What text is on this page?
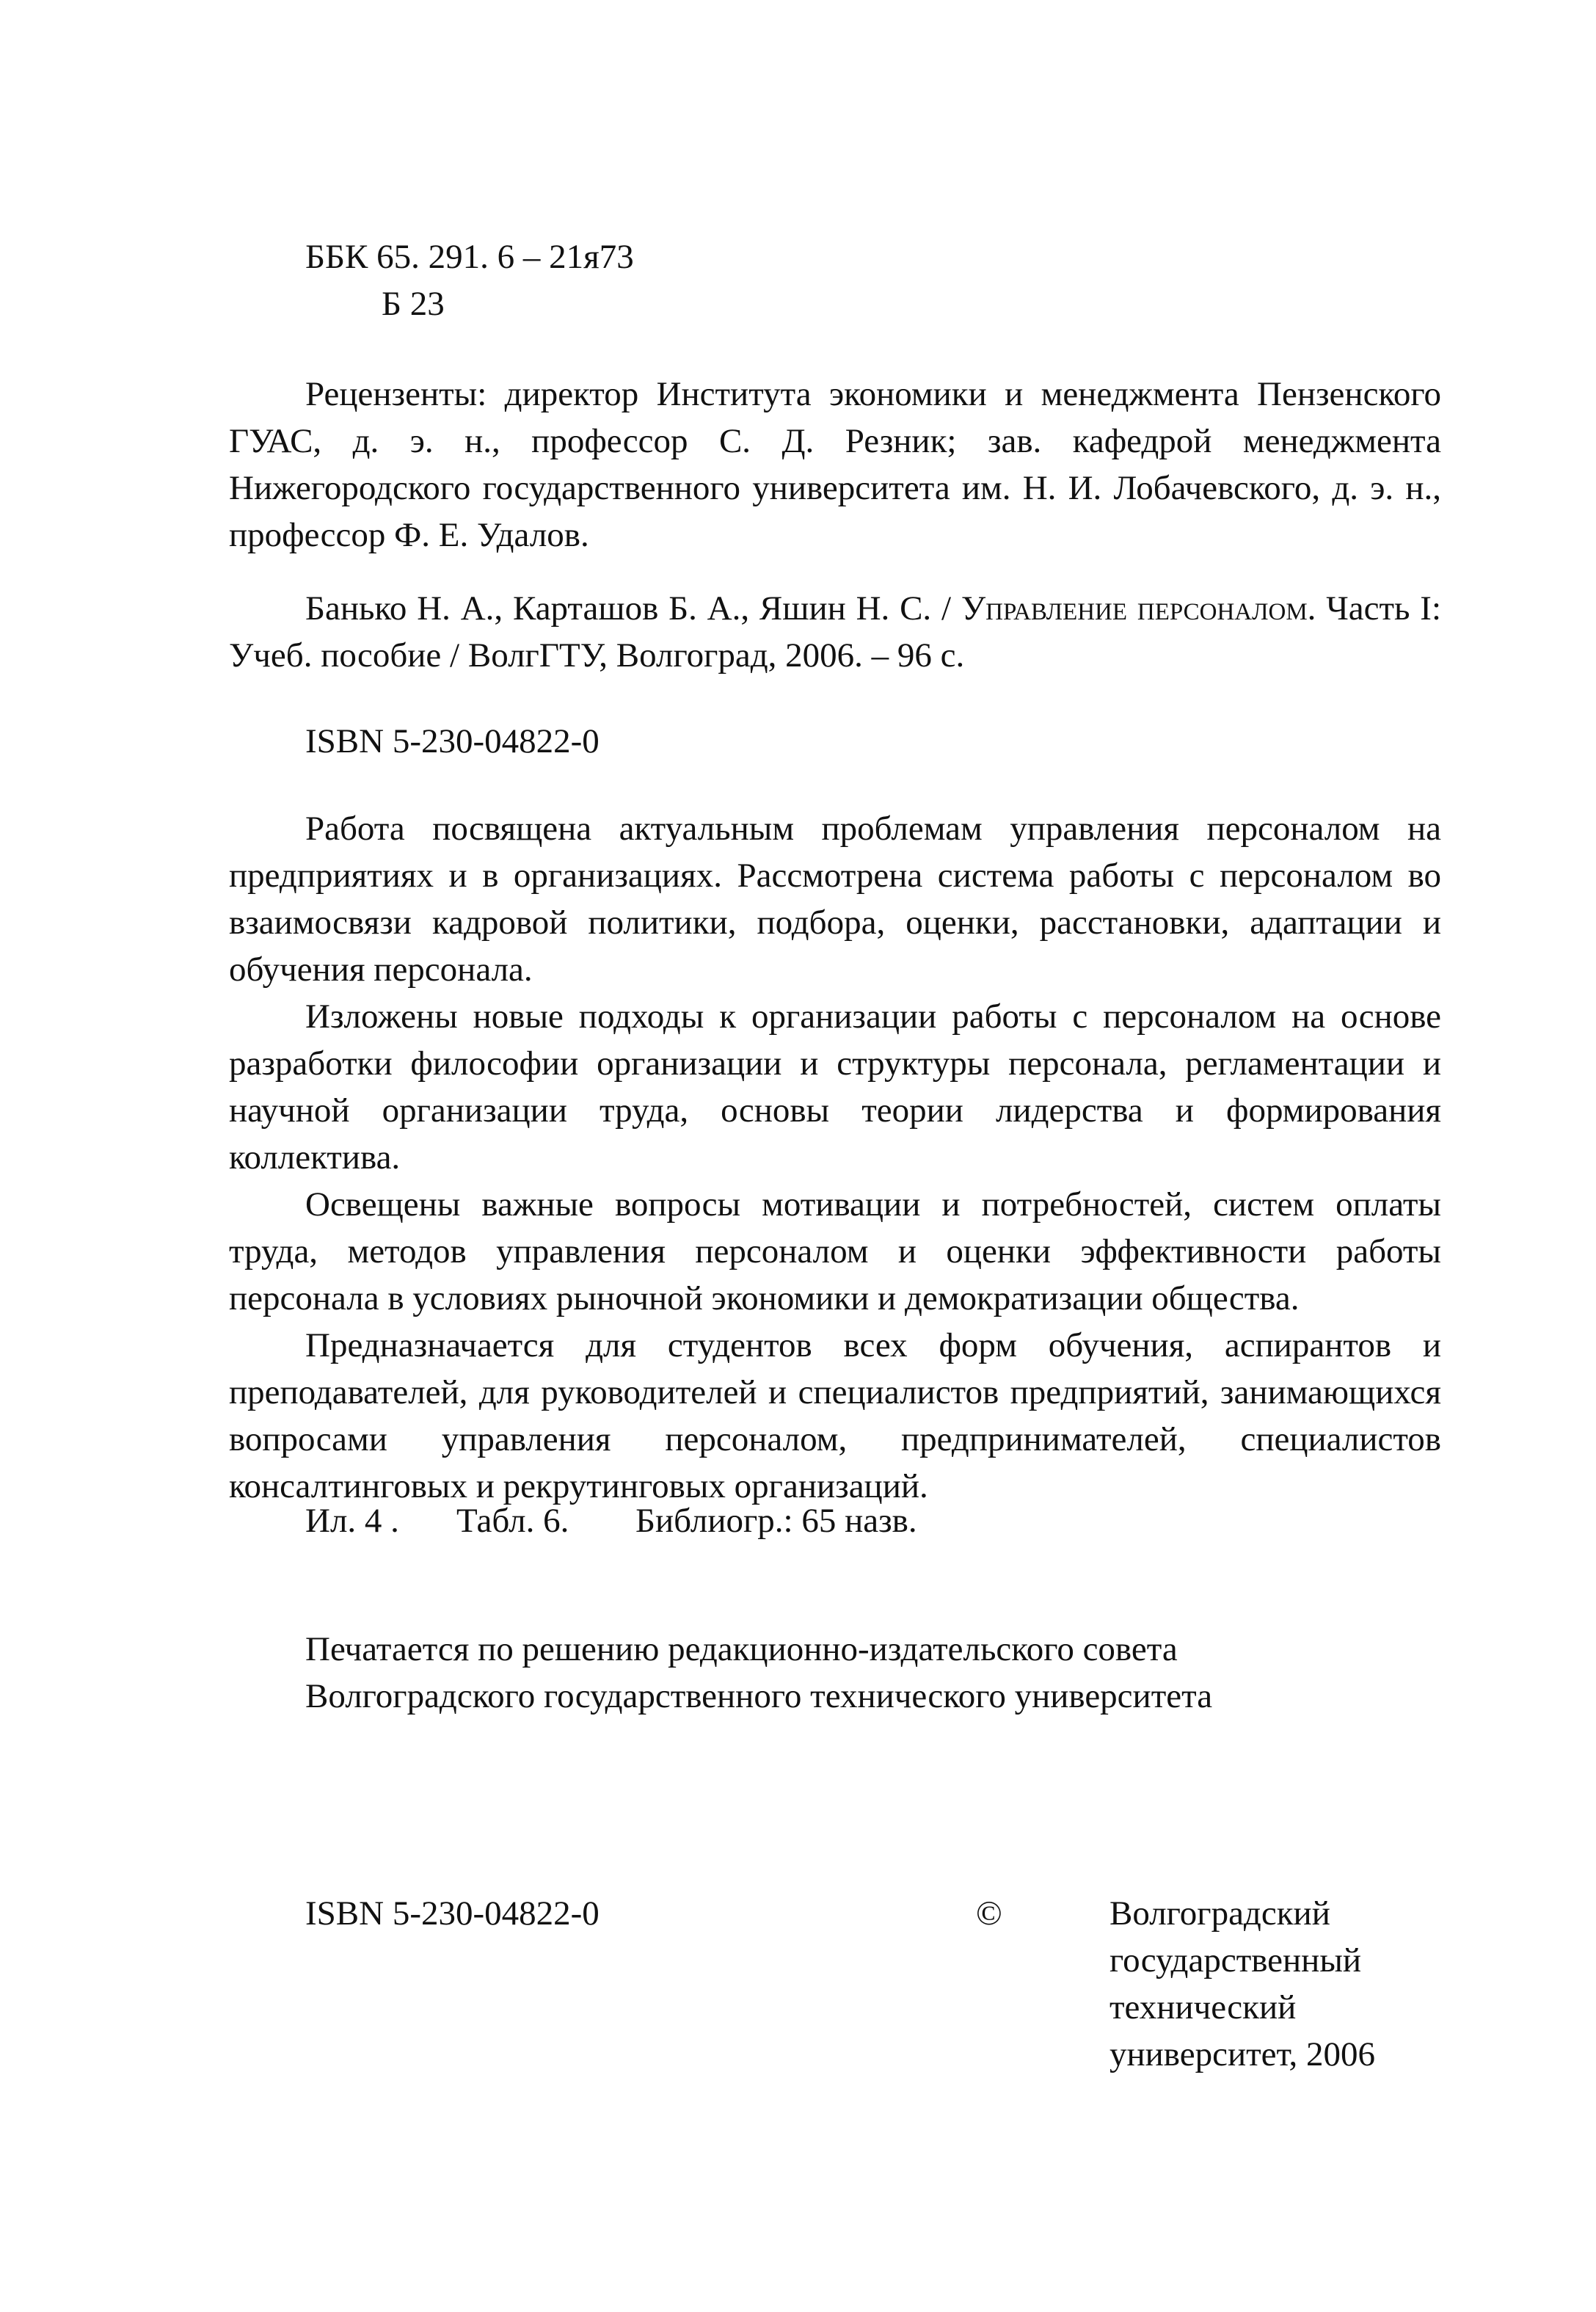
ББК 65. 291. 6 – 21я73
Б 23
Рецензенты: директор Института экономики и менеджмента Пензенского ГУАС, д. э. н., профессор С. Д. Резник; зав. кафедрой менеджмента Нижегородского государственного университета им. Н. И. Лобачевского, д. э. н., профессор Ф. Е. Удалов.
Банько Н. А., Карташов Б. А., Яшин Н. С. / Управление персоналом. Часть I: Учеб. пособие / ВолгГТУ, Волгоград, 2006. – 96 с.
ISBN 5-230-04822-0

Работа посвящена актуальным проблемам управления персоналом на предприятиях и в организациях. Рассмотрена система работы с персоналом во взаимосвязи кадровой политики, подбора, оценки, расстановки, адаптации и обучения персонала.

Изложены новые подходы к организации работы с персоналом на основе разработки философии организации и структуры персонала, регламентации и научной организации труда, основы теории лидерства и формирования коллектива.

Освещены важные вопросы мотивации и потребностей, систем оплаты труда, методов управления персоналом и оценки эффективности работы персонала в условиях рыночной экономики и демократизации общества.

Предназначается для студентов всех форм обучения, аспирантов и преподавателей, для руководителей и специалистов предприятий, занимающихся вопросами управления персоналом, предпринимателей, специалистов консалтинговых и рекрутинговых организаций.

Ил. 4 . Табл. 6. Библиогр.: 65 назв.
Печатается по решению редакционно-издательского совета
Волгоградского государственного технического университета
ISBN 5-230-04822-0	©	Волгоградский
государственный
технический
университет, 2006
